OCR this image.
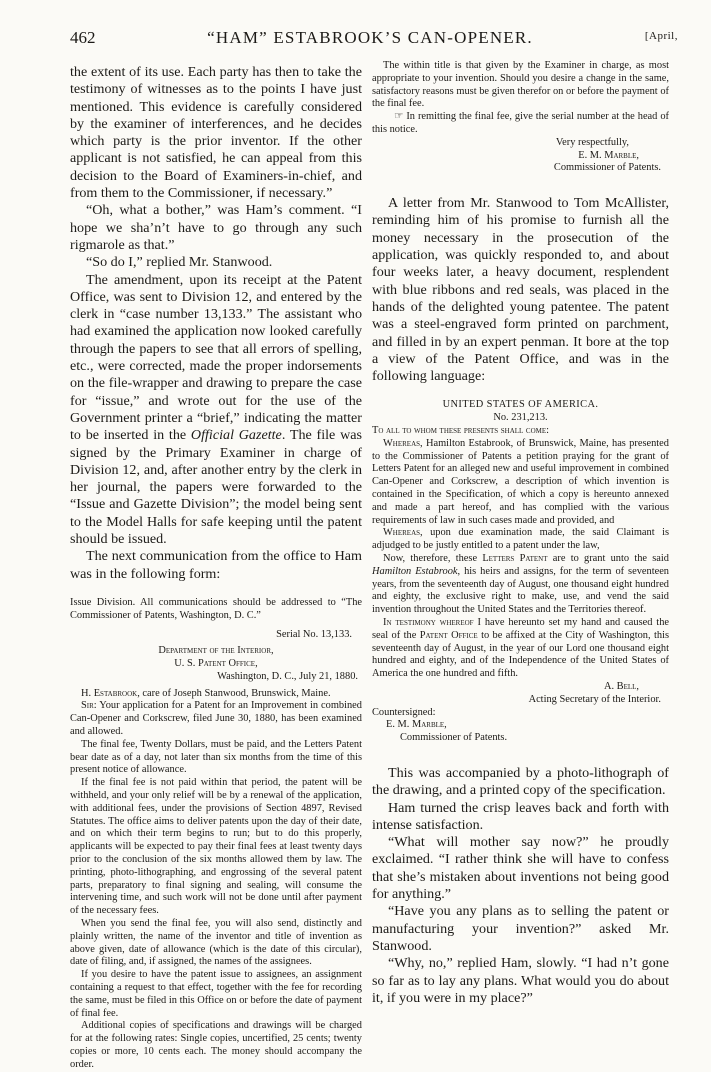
462	“HAM” ESTABROOK’S CAN-OPENER.	[April,

the extent of its use. Each party has then to take the testimony of witnesses as to the points I have just mentioned. This evidence is carefully considered by the examiner of interferences, and he decides which party is the prior inventor. If the other applicant is not satisfied, he can appeal from this decision to the Board of Examiners-in-chief, and from them to the Commissioner, if necessary.”

“Oh, what a bother,” was Ham’s comment. “I hope we sha’n’t have to go through any such rigmarole as that.”

“So do I,” replied Mr. Stanwood.

The amendment, upon its receipt at the Patent Office, was sent to Division 12, and entered by the clerk in “case number 13,133.” The assistant who had examined the application now looked carefully through the papers to see that all errors of spelling, etc., were corrected, made the proper indorsements on the file-wrapper and drawing to prepare the case for “issue,” and wrote out for the use of the Government printer a “brief,” indicating the matter to be inserted in the Official Gazette. The file was signed by the Primary Examiner in charge of Division 12, and, after another entry by the clerk in her journal, the papers were forwarded to the “Issue and Gazette Division”; the model being sent to the Model Halls for safe keeping until the patent should be issued.

The next communication from the office to Ham was in the following form:

Issue Division. All communications should be addressed to “The Commissioner of Patents, Washington, D. C.”

Serial No. 13,133.

Department of the Interior,

U. S. Patent Office,

Washington, D. C., July 21, 1880.

H. Estabrook, care of Joseph Stanwood, Brunswick, Maine.

Sir: Your application for a Patent for an Improvement in combined Can-Opener and Corkscrew, filed June 30, 1880, has been examined and allowed.

The final fee, Twenty Dollars, must be paid, and the Letters Patent bear date as of a day, not later than six months from the time of this present notice of allowance.

If the final fee is not paid within that period, the patent will be withheld, and your only relief will be by a renewal of the application, with additional fees, under the provisions of Section 4897, Revised Statutes. The office aims to deliver patents upon the day of their date, and on which their term begins to run; but to do this properly, applicants will be expected to pay their final fees at least twenty days prior to the conclusion of the six months allowed them by law. The printing, photo-lithographing, and engrossing of the several patent parts, preparatory to final signing and sealing, will consume the intervening time, and such work will not be done until after payment of the necessary fees.

When you send the final fee, you will also send, distinctly and plainly written, the name of the inventor and title of invention as above given, date of allowance (which is the date of this circular), date of filing, and, if assigned, the names of the assignees.

If you desire to have the patent issue to assignees, an assignment containing a request to that effect, together with the fee for recording the same, must be filed in this Office on or before the date of payment of final fee.

Additional copies of specifications and drawings will be charged for at the following rates: Single copies, uncertified, 25 cents; twenty copies or more, 10 cents each. The money should accompany the order.

The within title is that given by the Examiner in charge, as most appropriate to your invention. Should you desire a change in the same, satisfactory reasons must be given therefor on or before the payment of the final fee.

☞ In remitting the final fee, give the serial number at the head of this notice.

Very respectfully,

E. M. Marble,

Commissioner of Patents.

A letter from Mr. Stanwood to Tom McAllister, reminding him of his promise to furnish all the money necessary in the prosecution of the application, was quickly responded to, and about four weeks later, a heavy document, resplendent with blue ribbons and red seals, was placed in the hands of the delighted young patentee. The patent was a steel-engraved form printed on parchment, and filled in by an expert penman. It bore at the top a view of the Patent Office, and was in the following language:

UNITED STATES OF AMERICA.

No. 231,213.

To all to whom these presents shall come:

Whereas, Hamilton Estabrook, of Brunswick, Maine, has presented to the Commissioner of Patents a petition praying for the grant of Letters Patent for an alleged new and useful improvement in combined Can-Opener and Corkscrew, a description of which invention is contained in the Specification, of which a copy is hereunto annexed and made a part hereof, and has complied with the various requirements of law in such cases made and provided, and

Whereas, upon due examination made, the said Claimant is adjudged to be justly entitled to a patent under the law,

Now, therefore, these Letters Patent are to grant unto the said Hamilton Estabrook, his heirs and assigns, for the term of seventeen years, from the seventeenth day of August, one thousand eight hundred and eighty, the exclusive right to make, use, and vend the said invention throughout the United States and the Territories thereof.

In testimony whereof I have hereunto set my hand and caused the seal of the Patent Office to be affixed at the City of Washington, this seventeenth day of August, in the year of our Lord one thousand eight hundred and eighty, and of the Independence of the United States of America the one hundred and fifth.

A. Bell,

Acting Secretary of the Interior.

Countersigned:

E. M. Marble,

Commissioner of Patents.

This was accompanied by a photo-lithograph of the drawing, and a printed copy of the specification.

Ham turned the crisp leaves back and forth with intense satisfaction.

“What will mother say now?” he proudly exclaimed. “I rather think she will have to confess that she’s mistaken about inventions not being good for anything.”

“Have you any plans as to selling the patent or manufacturing your invention?” asked Mr. Stanwood.

“Why, no,” replied Ham, slowly. “I had n’t gone so far as to lay any plans. What would you do about it, if you were in my place?”
